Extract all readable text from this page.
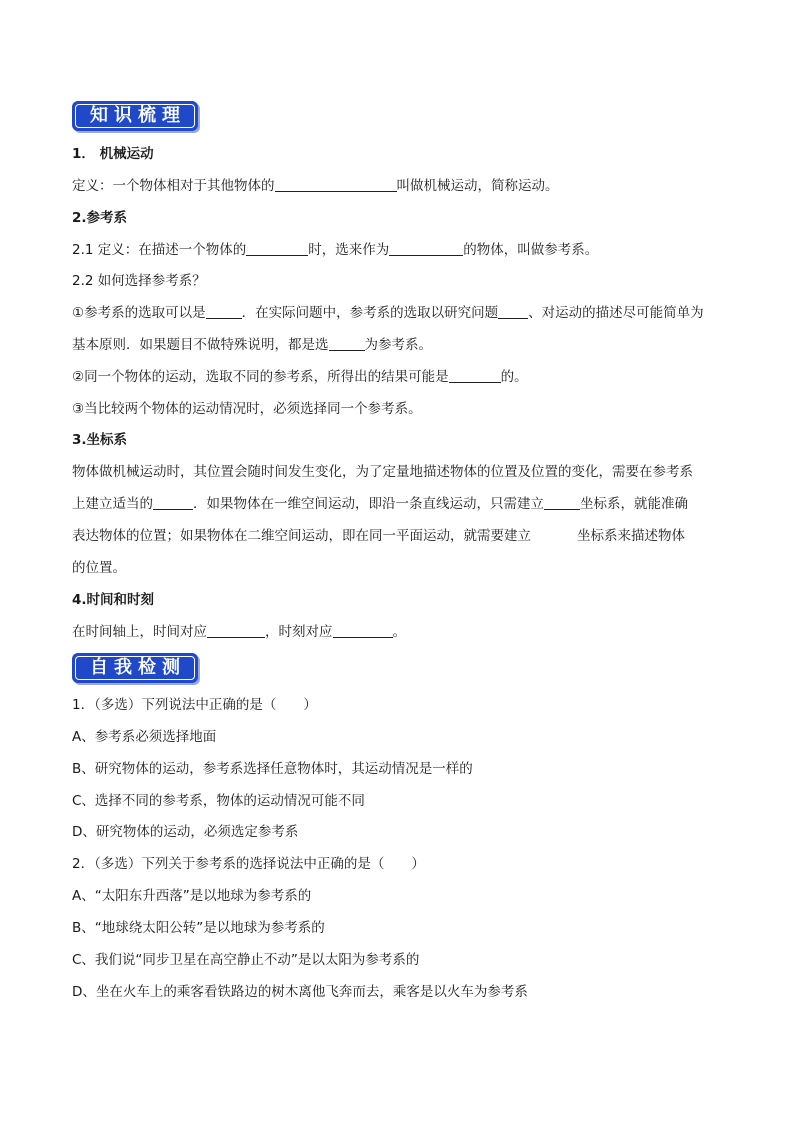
知识梳理
1． 机械运动
定义：一个物体相对于其他物体的	叫做机械运动，简称运动。
2.参考系
2.1 定义：在描述一个物体的	时，选来作为	的物体，叫做参考系。
2.2 如何选择参考系？
①参考系的选取可以是	．在实际问题中，参考系的选取以研究问题 、对运动的描述尽可能简单为
基本原则．如果题目不做特殊说明，都是选	为参考系。
②同一个物体的运动，选取不同的参考系，所得出的结果可能是	的。
③当比较两个物体的运动情况时，必须选择同一个参考系。
3.坐标系
物体做机械运动时，其位置会随时间发生变化，为了定量地描述物体的位置及位置的变化，需要在参考系
上建立适当的	．如果物体在一维空间运动，即沿一条直线运动，只需建立	坐标系，就能准确
表达物体的位置；如果物体在二维空间运动，即在同一平面运动，就需要建立	坐标系来描述物体
的位置。
4.时间和时刻
在时间轴上，时间对应	，时刻对应	。
自我检测
1．（多选）下列说法中正确的是（　　）
A、参考系必须选择地面
B、研究物体的运动，参考系选择任意物体时，其运动情况是一样的
C、选择不同的参考系，物体的运动情况可能不同
D、研究物体的运动，必须选定参考系
2．（多选）下列关于参考系的选择说法中正确的是（　　）
A、“太阳东升西落”是以地球为参考系的
B、“地球绕太阳公转”是以地球为参考系的
C、我们说“同步卫星在高空静止不动”是以太阳为参考系的
D、坐在火车上的乘客看铁路边的树木离他飞奔而去，乘客是以火车为参考系
